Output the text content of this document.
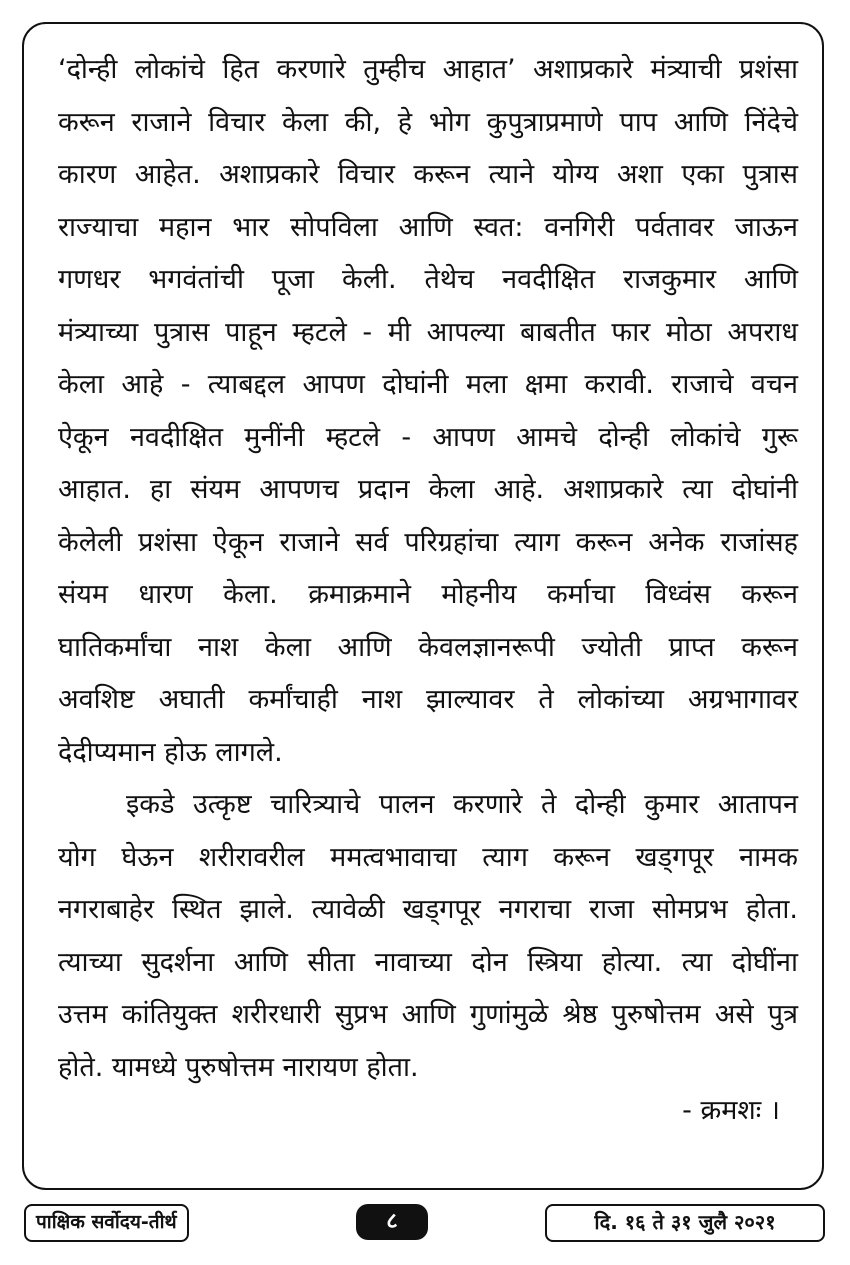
‘दोन्ही लोकांचे हित करणारे तुम्हीच आहात’ अशाप्रकारे मंत्र्याची प्रशंसा
करून राजाने विचार केला की, हे भोग कुपुत्राप्रमाणे पाप आणि निंदेचे
कारण आहेत. अशाप्रकारे विचार करून त्याने योग्य अशा एका पुत्रास
राज्याचा महान भार सोपविला आणि स्वत: वनगिरी पर्वतावर जाऊन
गणधर भगवंतांची पूजा केली. तेथेच नवदीक्षित राजकुमार आणि
मंत्र्याच्या पुत्रास पाहून म्हटले - मी आपल्या बाबतीत फार मोठा अपराध
केला आहे - त्याबद्दल आपण दोघांनी मला क्षमा करावी. राजाचे वचन
ऐकून नवदीक्षित मुनींनी म्हटले - आपण आमचे दोन्ही लोकांचे गुरू
आहात. हा संयम आपणच प्रदान केला आहे. अशाप्रकारे त्या दोघांनी
केलेली प्रशंसा ऐकून राजाने सर्व परिग्रहांचा त्याग करून अनेक राजांसह
संयम धारण केला. क्रमाक्रमाने मोहनीय कर्माचा विध्वंस करून
घातिकर्मांचा नाश केला आणि केवलज्ञानरूपी ज्योती प्राप्त करून
अवशिष्ट अघाती कर्मांचाही नाश झाल्यावर ते लोकांच्या अग्रभागावर
देदीप्यमान होऊ लागले.
इकडे उत्कृष्ट चारित्र्याचे पालन करणारे ते दोन्ही कुमार आतापन
योग घेऊन शरीरावरील ममत्वभावाचा त्याग करून खड्गपूर नामक
नगराबाहेर स्थित झाले. त्यावेळी खड्गपूर नगराचा राजा सोमप्रभ होता.
त्याच्या सुदर्शना आणि सीता नावाच्या दोन स्त्रिया होत्या. त्या दोघींना
उत्तम कांतियुक्त शरीरधारी सुप्रभ आणि गुणांमुळे श्रेष्ठ पुरुषोत्तम असे पुत्र
होते. यामध्ये पुरुषोत्तम नारायण होता.
- क्रमशः ।
पाक्षिक सर्वोदय-तीर्थ	८	दि. १६ ते ३१ जुलै २०२१
